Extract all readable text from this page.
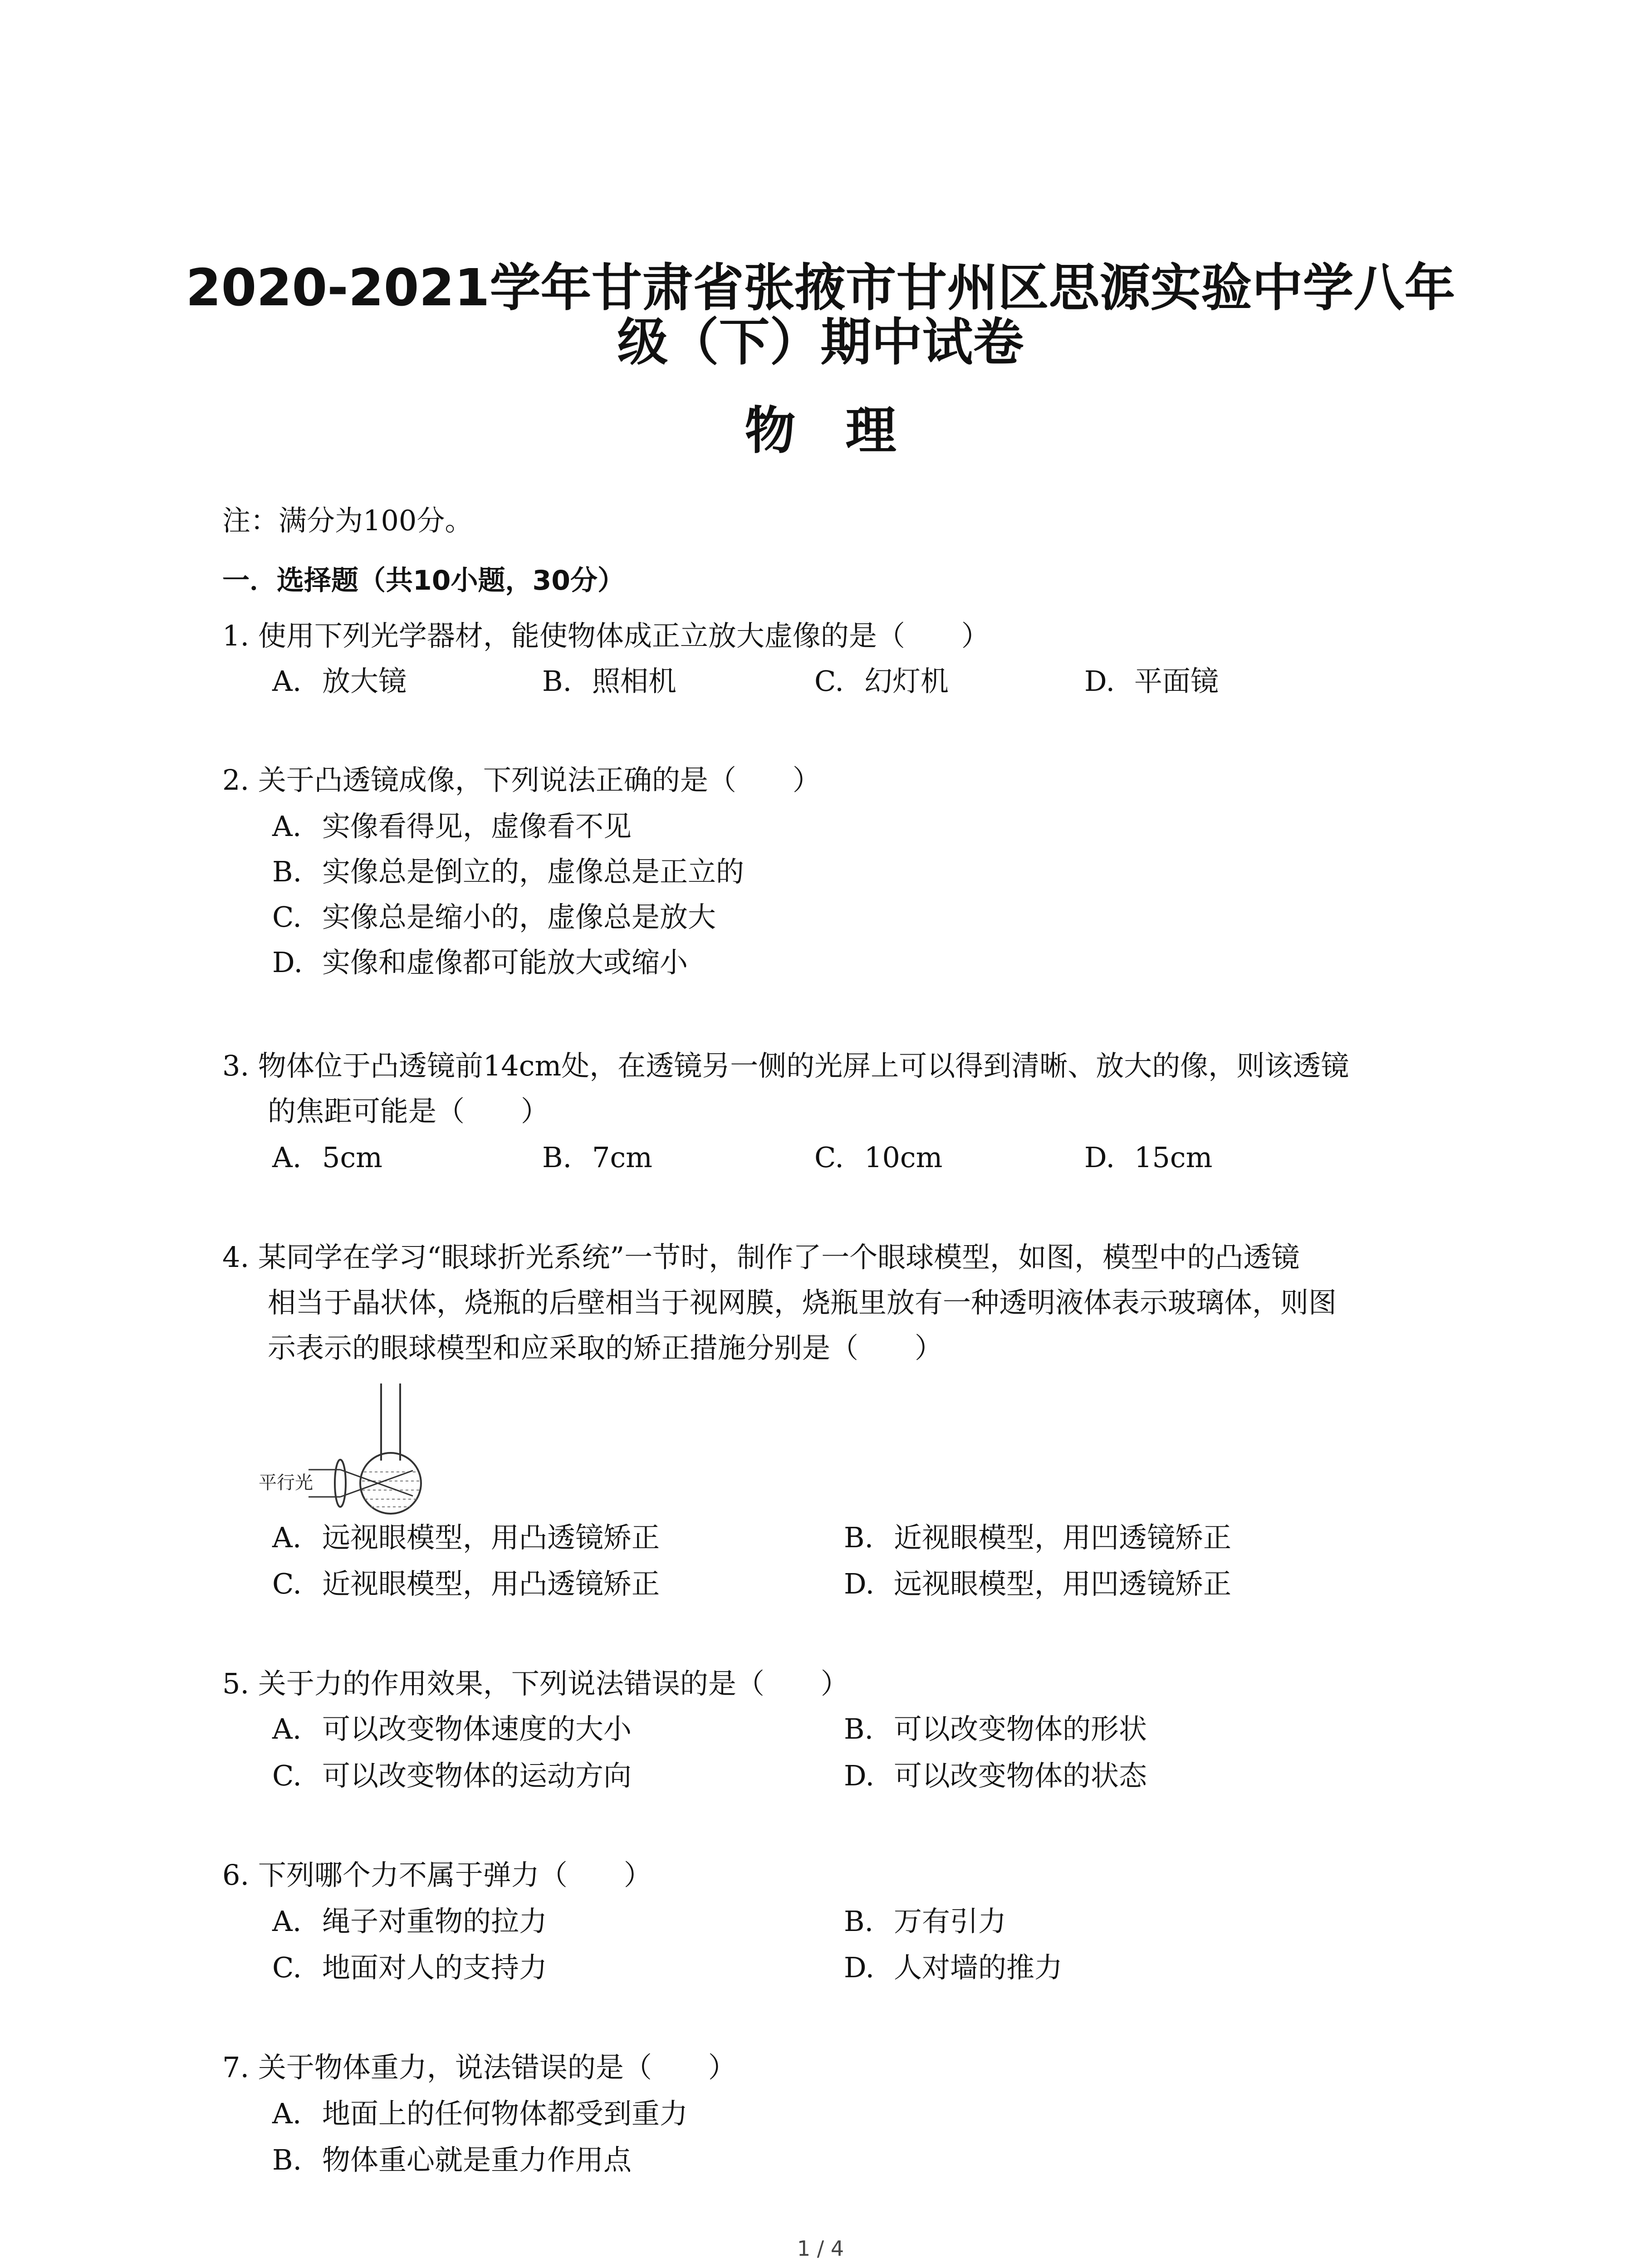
2020-2021学年甘肃省张掖市甘州区思源实验中学八年
级（下）期中试卷
物理
注：满分为100分。
一．选择题（共10小题，30分）
1. 使用下列光学器材，能使物体成正立放大虚像的是（　　）
A. 放大镜	B. 照相机	C. 幻灯机	D. 平面镜
2. 关于凸透镜成像，下列说法正确的是（　　）
A. 实像看得见，虚像看不见
B. 实像总是倒立的，虚像总是正立的
C. 实像总是缩小的，虚像总是放大
D. 实像和虚像都可能放大或缩小
3. 物体位于凸透镜前14cm处，在透镜另一侧的光屏上可以得到清晰、放大的像，则该透镜
的焦距可能是（　　）
A. 5cm	B. 7cm	C. 10cm	D. 15cm
4. 某同学在学习“眼球折光系统”一节时，制作了一个眼球模型，如图，模型中的凸透镜
相当于晶状体，烧瓶的后壁相当于视网膜，烧瓶里放有一种透明液体表示玻璃体，则图
示表示的眼球模型和应采取的矫正措施分别是（　　）
平行光
A. 远视眼模型，用凸透镜矫正	B. 近视眼模型，用凹透镜矫正
C. 近视眼模型，用凸透镜矫正	D. 远视眼模型，用凹透镜矫正
5. 关于力的作用效果，下列说法错误的是（　　）
A. 可以改变物体速度的大小	B. 可以改变物体的形状
C. 可以改变物体的运动方向	D. 可以改变物体的状态
6. 下列哪个力不属于弹力（　　）
A. 绳子对重物的拉力	B. 万有引力
C. 地面对人的支持力	D. 人对墙的推力
7. 关于物体重力，说法错误的是（　　）
A. 地面上的任何物体都受到重力
B. 物体重心就是重力作用点
1 / 4
